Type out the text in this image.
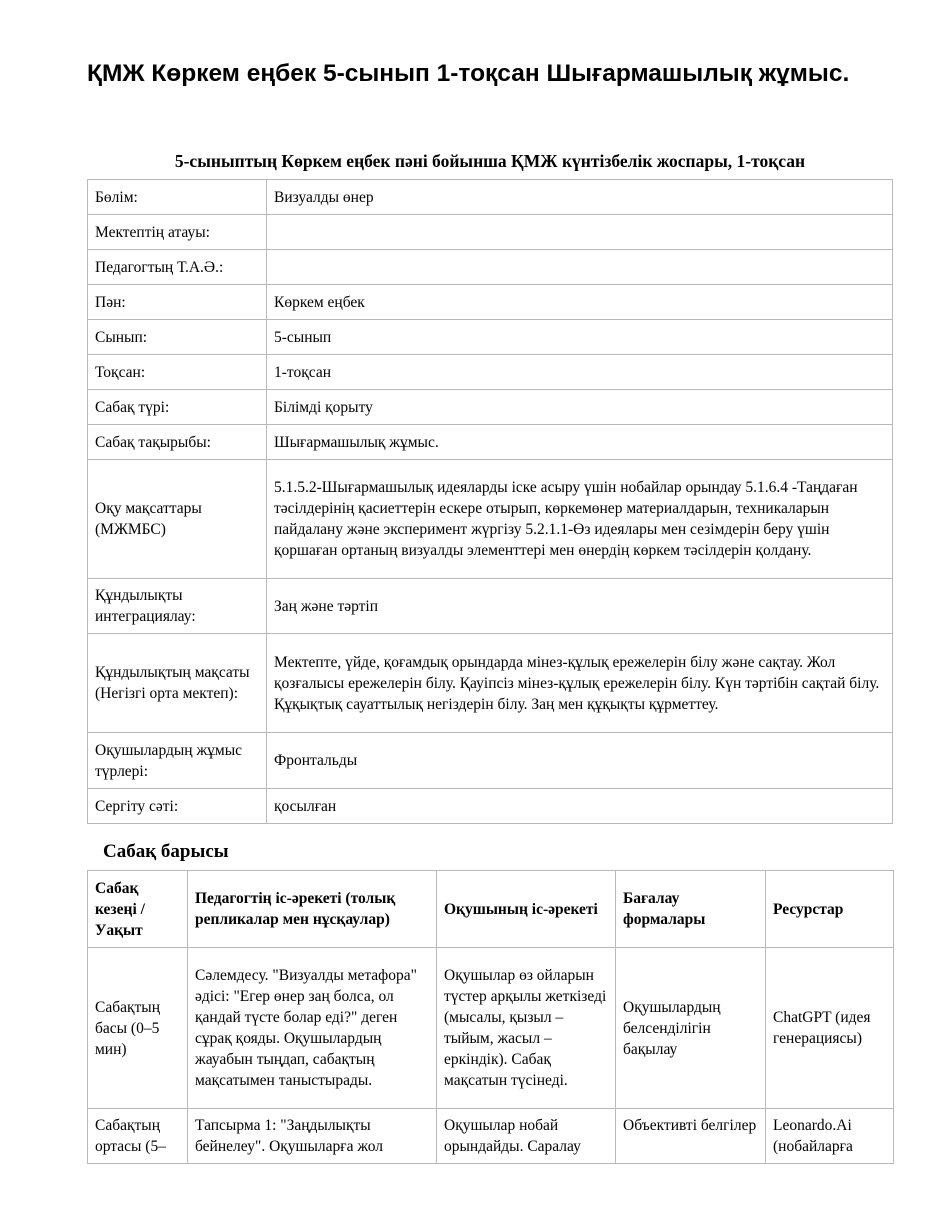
ҚМЖ Көркем еңбек 5-сынып 1-тоқсан Шығармашылық жұмыс.

5-сыныптың Көркем еңбек пәні бойынша ҚМЖ күнтізбелік жоспары, 1-тоқсан

Бөлім:	Визуалды өнер
Мектептің атауы:	
Педагогтың Т.А.Ә.:	
Пән:	Көркем еңбек
Сынып:	5-сынып
Тоқсан:	1-тоқсан
Сабақ түрі:	Білімді қорыту
Сабақ тақырыбы:	Шығармашылық жұмыс.
Оқу мақсаттары (МЖМБС)	5.1.5.2-Шығармашылық идеяларды іске асыру үшін нобайлар орындау 5.1.6.4 -Таңдаған тәсілдерінің қасиеттерін ескере отырып, көркемөнер материалдарын, техникаларын пайдалану және эксперимент жүргізу 5.2.1.1-Өз идеялары мен сезімдерін беру үшін қоршаған ортаның визуалды элементтері мен өнердің көркем тәсілдерін қолдану.
Құндылықты интеграциялау:	Заң және тәртіп
Құндылықтың мақсаты (Негізгі орта мектеп):	Мектепте, үйде, қоғамдық орындарда мінез-құлық ережелерін білу және сақтау. Жол қозғалысы ережелерін білу. Қауіпсіз мінез-құлық ережелерін білу. Күн тәртібін сақтай білу. Құқықтық сауаттылық негіздерін білу. Заң мен құқықты құрметтеу.
Оқушылардың жұмыс түрлері:	Фронтальды
Сергіту сәті:	қосылған
Сабақ барысы
Сабақ кезеңі / Уақыт	Педагогтің іс-әрекеті (толық репликалар мен нұсқаулар)	Оқушының іс-әрекеті	Бағалау формалары	Ресурстар
Сабақтың басы (0–5 мин)	Сәлемдесу. "Визуалды метафора" әдісі: "Егер өнер заң болса, ол қандай түсте болар еді?" деген сұрақ қояды. Оқушылардың жауабын тыңдап, сабақтың мақсатымен таныстырады.	Оқушылар өз ойларын түстер арқылы жеткізеді (мысалы, қызыл – тыйым, жасыл – еркіндік). Сабақ мақсатын түсінеді.	Оқушылардың белсенділігін бақылау	ChatGPT (идея генерациясы)

Сабақтың ортасы (5–	Тапсырма 1: "Заңдылықты бейнелеу". Оқушыларға жол	Оқушылар нобай орындайды. Саралау	Объективті белгілер	Leonardo.Ai (нобайларға
